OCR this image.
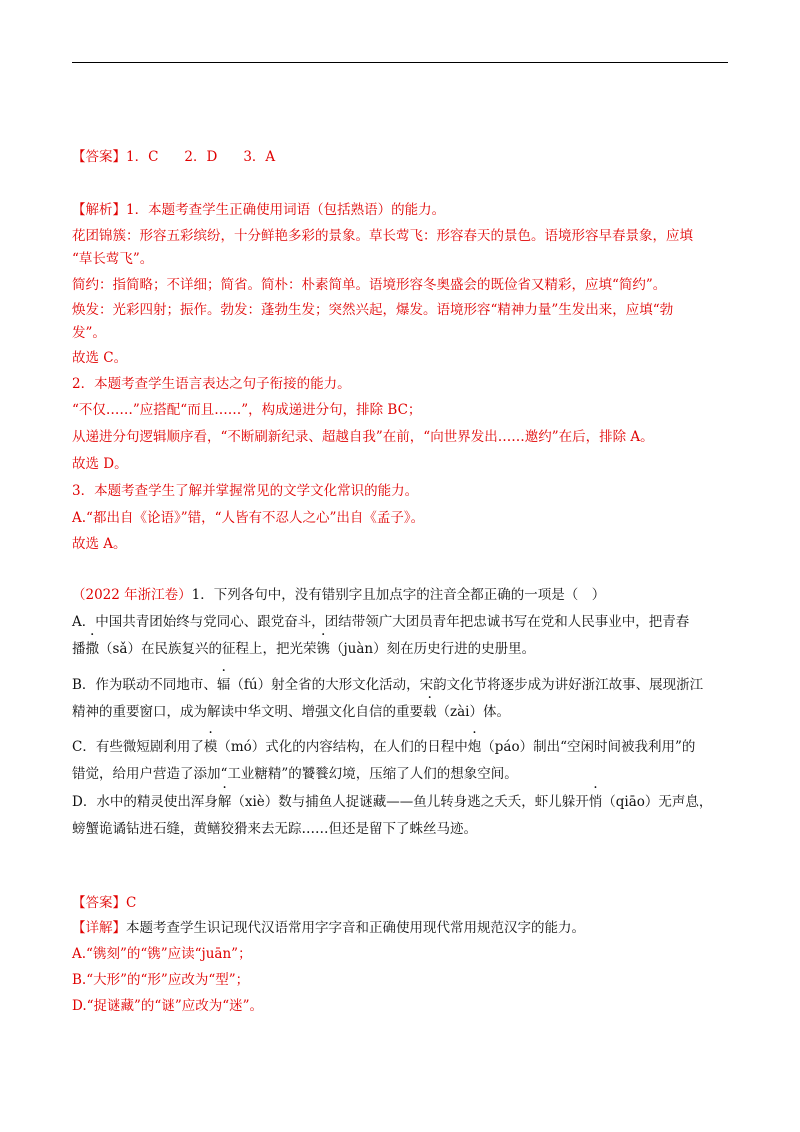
【答案】1．C 2．D 3．A
【解析】1．本题考查学生正确使用词语（包括熟语）的能力。
花团锦簇：形容五彩缤纷，十分鲜艳多彩的景象。草长莺飞：形容春天的景色。语境形容早春景象，应填
“草长莺飞”。
简约：指简略；不详细；简省。简朴：朴素简单。语境形容冬奥盛会的既俭省又精彩，应填“简约”。
焕发：光彩四射；振作。勃发：蓬勃生发；突然兴起，爆发。语境形容“精神力量”生发出来，应填“勃
发”。
故选 C。
2．本题考查学生语言表达之句子衔接的能力。
“不仅……”应搭配“而且……”，构成递进分句，排除 BC；
从递进分句逻辑顺序看，“不断刷新纪录、超越自我”在前，“向世界发出……邀约”在后，排除 A。
故选 D。
3．本题考查学生了解并掌握常见的文学文化常识的能力。
A.“都出自《论语》”错，“人皆有不忍人之心”出自《孟子》。
故选 A。
（2022 年浙江卷）1．下列各句中，没有错别字且加点字的注音全都正确的一项是（　）
A．中国共青团始终与党同心、跟党奋斗，团结带领广大团员青年把忠诚书写在党和人民事业中，把青春
播撒（sǎ）在民族复兴的征程上，把光荣镌（juàn）刻在历史行进的史册里。
B．作为联动不同地市、辐（fú）射全省的大形文化活动，宋韵文化节将逐步成为讲好浙江故事、展现浙江
精神的重要窗口，成为解读中华文明、增强文化自信的重要载（zài）体。
C．有些微短剧利用了模（mó）式化的内容结构，在人们的日程中炮（páo）制出“空闲时间被我利用”的
错觉，给用户营造了添加“工业糖精”的饕餮幻境，压缩了人们的想象空间。
D．水中的精灵使出浑身解（xiè）数与捕鱼人捉谜藏——鱼儿转身逃之夭夭，虾儿躲开悄（qiāo）无声息，
螃蟹诡谲钻进石缝，黄鳝狡猾来去无踪……但还是留下了蛛丝马迹。
【答案】C
【详解】本题考查学生识记现代汉语常用字字音和正确使用现代常用规范汉字的能力。
A.“镌刻”的“镌”应读“juān”；
B.“大形”的“形”应改为“型”；
D.“捉谜藏”的“谜”应改为“迷”。
